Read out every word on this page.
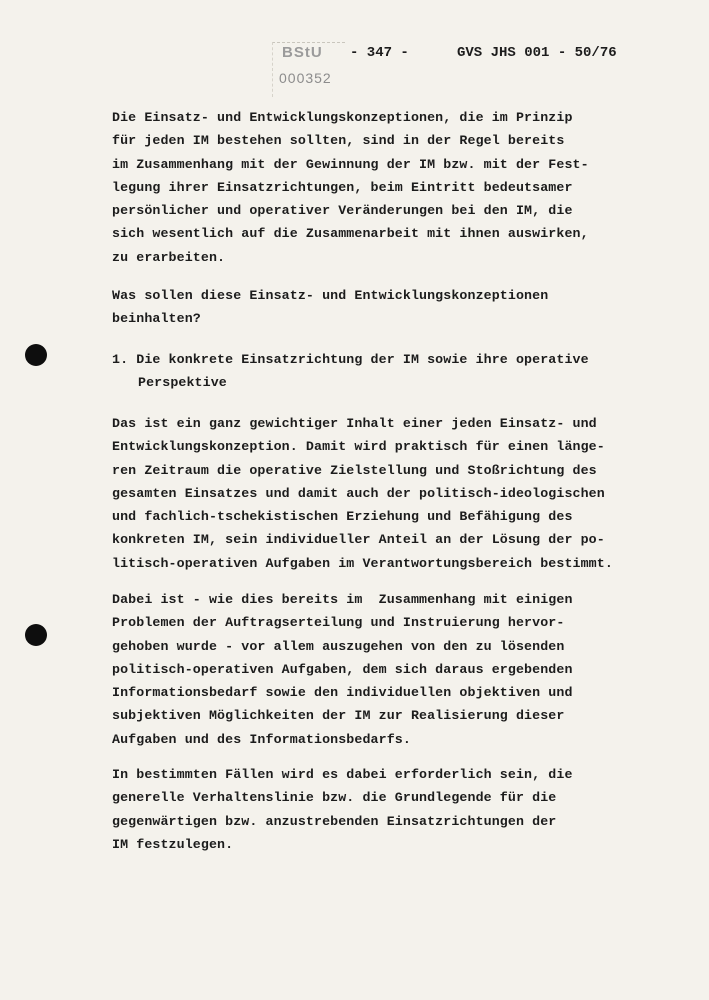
BStU - 347 -	GVS JHS 001 - 50/76
000352
Die Einsatz- und Entwicklungskonzeptionen, die im Prinzip
für jeden IM bestehen sollten, sind in der Regel bereits
im Zusammenhang mit der Gewinnung der IM bzw. mit der Fest-
legung ihrer Einsatzrichtungen, beim Eintritt bedeutsamer
persönlicher und operativer Veränderungen bei den IM, die
sich wesentlich auf die Zusammenarbeit mit ihnen auswirken,
zu erarbeiten.
Was sollen diese Einsatz- und Entwicklungskonzeptionen
beinhalten?
1. Die konkrete Einsatzrichtung der IM sowie ihre operative
Perspektive
Das ist ein ganz gewichtiger Inhalt einer jeden Einsatz- und
Entwicklungskonzeption. Damit wird praktisch für einen länge-
ren Zeitraum die operative Zielstellung und Stoßrichtung des
gesamten Einsatzes und damit auch der politisch-ideologischen
und fachlich-tschekistischen Erziehung und Befähigung des
konkreten IM, sein individueller Anteil an der Lösung der po-
litisch-operativen Aufgaben im Verantwortungsbereich bestimmt.
Dabei ist - wie dies bereits im  Zusammenhang mit einigen
Problemen der Auftragserteilung und Instruierung hervor-
gehoben wurde - vor allem auszugehen von den zu lösenden
politisch-operativen Aufgaben, dem sich daraus ergebenden
Informationsbedarf sowie den individuellen objektiven und
subjektiven Möglichkeiten der IM zur Realisierung dieser
Aufgaben und des Informationsbedarfs.
In bestimmten Fällen wird es dabei erforderlich sein, die
generelle Verhaltenslinie bzw. die Grundlegende für die
gegenwärtigen bzw. anzustrebenden Einsatzrichtungen der
IM festzulegen.
